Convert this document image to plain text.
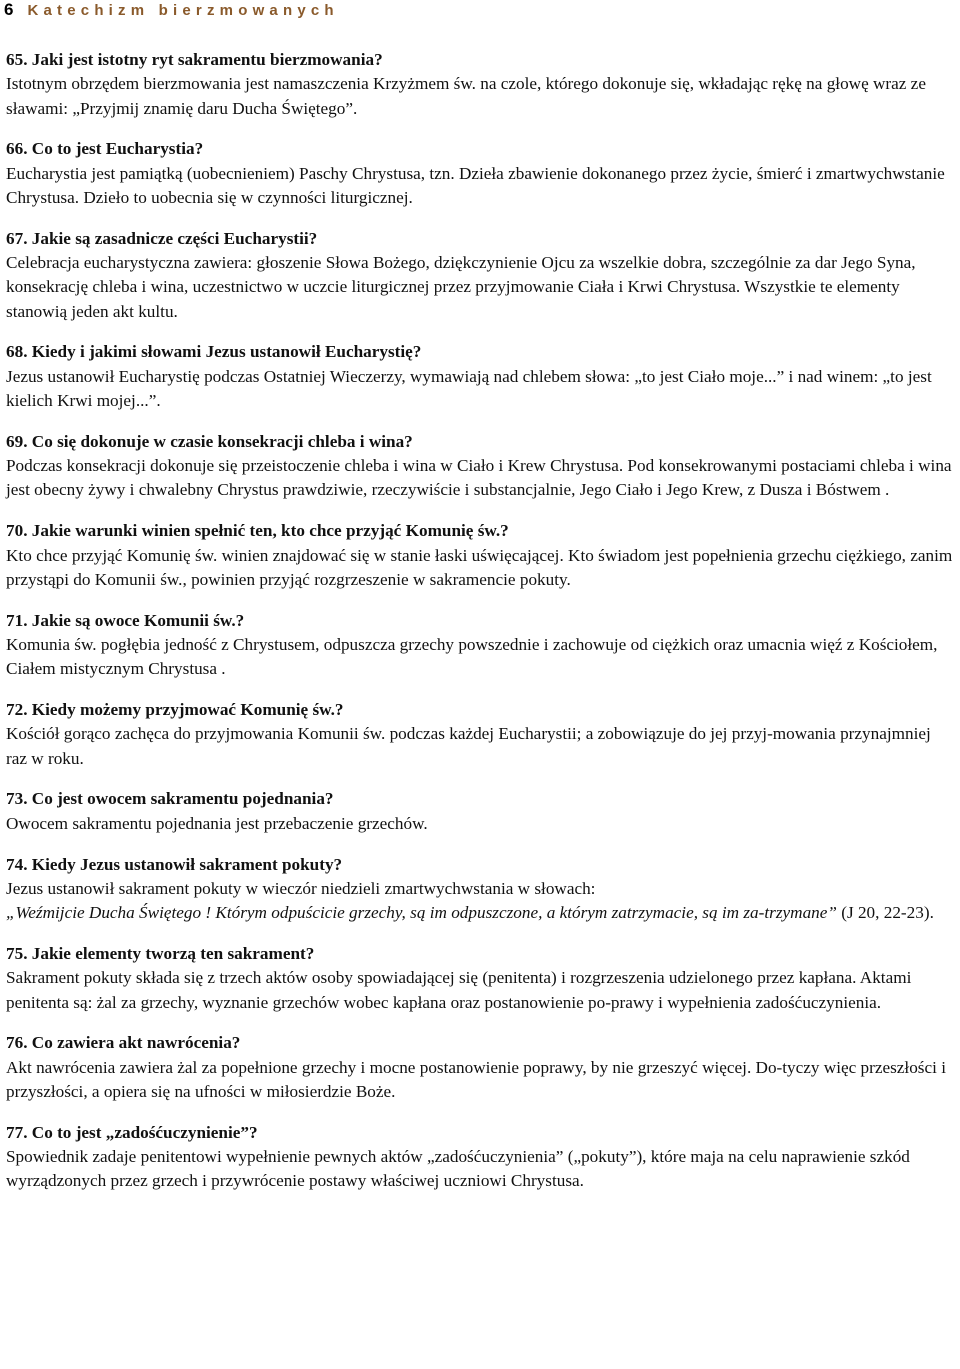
6 Katechizm bierzmowanych

65. Jaki jest istotny ryt sakramentu bierzmowania?

Istotnym obrzędem bierzmowania jest namaszczenia Krzyżmem św. na czole, którego dokonuje się, wkładając rękę na głowę wraz ze sławami: „Przyjmij znamię daru Ducha Świętego”.

66. Co to jest Eucharystia?

Eucharystia jest pamiątką (uobecnieniem) Paschy Chrystusa, tzn. Dzieła zbawienie dokonanego przez życie, śmierć i zmartwychwstanie Chrystusa. Dzieło to uobecnia się w czynności liturgicznej.

67. Jakie są zasadnicze części Eucharystii?

Celebracja eucharystyczna zawiera: głoszenie Słowa Bożego, dziękczynienie Ojcu za wszelkie dobra, szczególnie za dar Jego Syna, konsekrację chleba i wina, uczestnictwo w uczcie liturgicznej przez przyjmowanie Ciała i Krwi Chrystusa. Wszystkie te elementy stanowią jeden akt kultu.

68. Kiedy i jakimi słowami Jezus ustanowił Eucharystię?

Jezus ustanowił Eucharystię podczas Ostatniej Wieczerzy, wymawiają nad chlebem słowa: „to jest Ciało moje...” i nad winem: „to jest kielich Krwi mojej...”.

69. Co się dokonuje w czasie konsekracji chleba i wina?

Podczas konsekracji dokonuje się przeistoczenie chleba i wina w Ciało i Krew Chrystusa. Pod konsekrowanymi postaciami chleba i wina jest obecny żywy i chwalebny Chrystus prawdziwie, rzeczywiście i substancjalnie, Jego Ciało i Jego Krew, z Dusza i Bóstwem .

70. Jakie warunki winien spełnić ten, kto chce przyjąć Komunię św.?

Kto chce przyjąć Komunię św. winien znajdować się w stanie łaski uświęcającej. Kto świadom jest popełnienia grzechu ciężkiego, zanim przystąpi do Komunii św., powinien przyjąć rozgrzeszenie w sakramencie pokuty.

71. Jakie są owoce Komunii św.?

Komunia św. pogłębia jedność z Chrystusem, odpuszcza grzechy powszednie i zachowuje od ciężkich oraz umacnia więź z Kościołem, Ciałem mistycznym Chrystusa .

72. Kiedy możemy przyjmować Komunię św.?

Kościół gorąco zachęca do przyjmowania Komunii św. podczas każdej Eucharystii; a zobowiązuje do jej przyj-mowania przynajmniej raz w roku.

73. Co jest owocem sakramentu pojednania?

Owocem sakramentu pojednania jest przebaczenie grzechów.

74. Kiedy Jezus ustanowił sakrament pokuty?

Jezus ustanowił sakrament pokuty w wieczór niedzieli zmartwychwstania w słowach:
„Weźmijcie Ducha Świętego ! Którym odpuścicie grzechy, są im odpuszczone, a którym zatrzymacie, są im za-trzymane” (J 20, 22-23).

75. Jakie elementy tworzą ten sakrament?

Sakrament pokuty składa się z trzech aktów osoby spowiadającej się (penitenta) i rozgrzeszenia udzielonego przez kapłana. Aktami penitenta są: żal za grzechy, wyznanie grzechów wobec kapłana oraz postanowienie po-prawy i wypełnienia zadośćuczynienia.

76. Co zawiera akt nawrócenia?

Akt nawrócenia zawiera żal za popełnione grzechy i mocne postanowienie poprawy, by nie grzeszyć więcej. Do-tyczy więc przeszłości i przyszłości, a opiera się na ufności w miłosierdzie Boże.

77. Co to jest „zadośćuczynienie”?

Spowiednik zadaje penitentowi wypełnienie pewnych aktów „zadośćuczynienia” („pokuty”), które maja na celu naprawienie szkód wyrządzonych przez grzech i przywrócenie postawy właściwej uczniowi Chrystusa.
